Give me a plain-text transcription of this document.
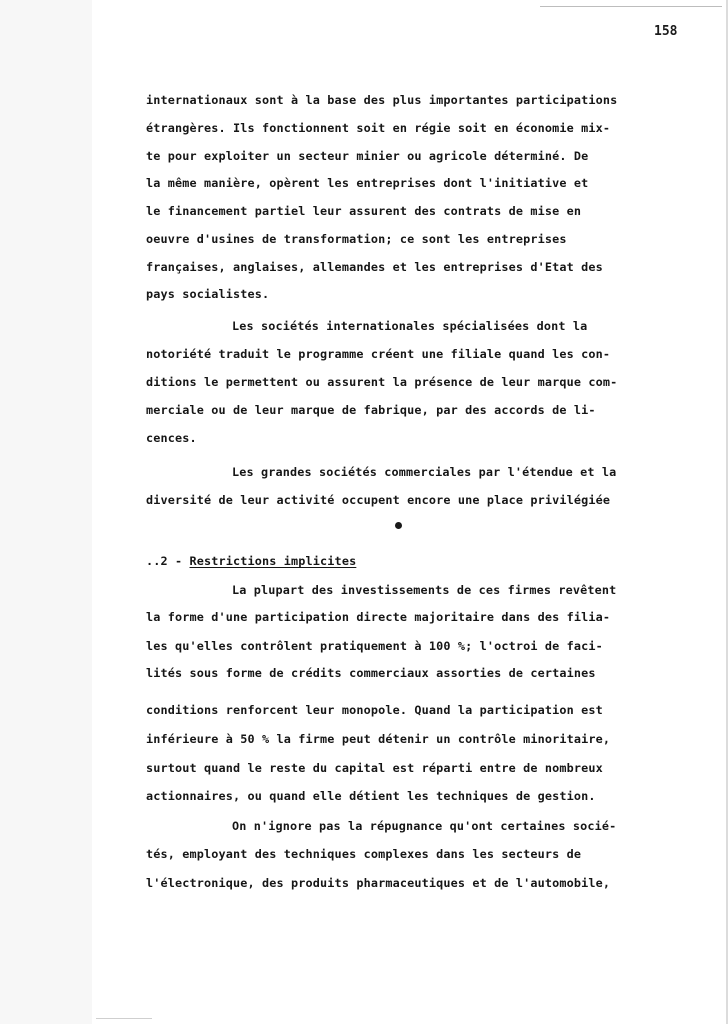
158
internationaux sont à la base des plus importantes participations
étrangères. Ils fonctionnent soit en régie soit en économie mix-
te pour exploiter un secteur minier ou agricole déterminé. De
la même manière, opèrent les entreprises dont l'initiative et
le financement partiel leur assurent des contrats de mise en
oeuvre d'usines de transformation; ce sont les entreprises
françaises, anglaises, allemandes et les entreprises d'Etat des
pays socialistes.
Les sociétés internationales spécialisées dont la
notoriété traduit le programme créent une filiale quand les con-
ditions le permettent ou assurent la présence de leur marque com-
merciale ou de leur marque de fabrique, par des accords de li-
cences.
Les grandes sociétés commerciales par l'étendue et la
diversité de leur activité occupent encore une place privilégiée
..2 - Restrictions implicites
La plupart des investissements de ces firmes revêtent
la forme d'une participation directe majoritaire dans des filia-
les qu'elles contrôlent pratiquement à 100 %; l'octroi de faci-
lités sous forme de crédits commerciaux assorties de certaines
conditions renforcent leur monopole. Quand la participation est
inférieure à 50 % la firme peut détenir un contrôle minoritaire,
surtout quand le reste du capital est réparti entre de nombreux
actionnaires, ou quand elle détient les techniques de gestion.
On n'ignore pas la répugnance qu'ont certaines socié-
tés, employant des techniques complexes dans les secteurs de
l'électronique, des produits pharmaceutiques et de l'automobile,
